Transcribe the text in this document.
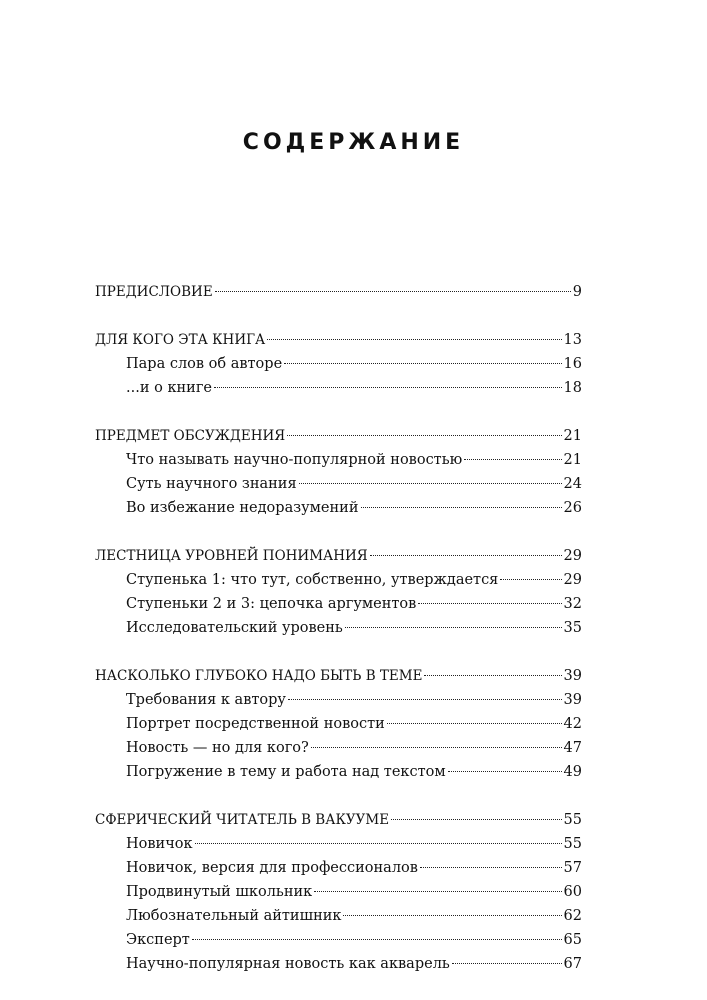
СОДЕРЖАНИЕ
ПРЕДИСЛОВИЕ	9
ДЛЯ КОГО ЭТА КНИГА	13
Пара слов об авторе	16
...и о книге	18
ПРЕДМЕТ ОБСУЖДЕНИЯ	21
Что называть научно-популярной новостью	21
Суть научного знания	24
Во избежание недоразумений	26
ЛЕСТНИЦА УРОВНЕЙ ПОНИМАНИЯ	29
Ступенька 1: что тут, собственно, утверждается	29
Ступеньки 2 и 3: цепочка аргументов	32
Исследовательский уровень	35
НАСКОЛЬКО ГЛУБОКО НАДО БЫТЬ В ТЕМЕ	39
Требования к автору	39
Портрет посредственной новости	42
Новость — но для кого?	47
Погружение в тему и работа над текстом	49
СФЕРИЧЕСКИЙ ЧИТАТЕЛЬ В ВАКУУМЕ	55
Новичок	55
Новичок, версия для профессионалов	57
Продвинутый школьник	60
Любознательный айтишник	62
Эксперт	65
Научно-популярная новость как акварель	67
